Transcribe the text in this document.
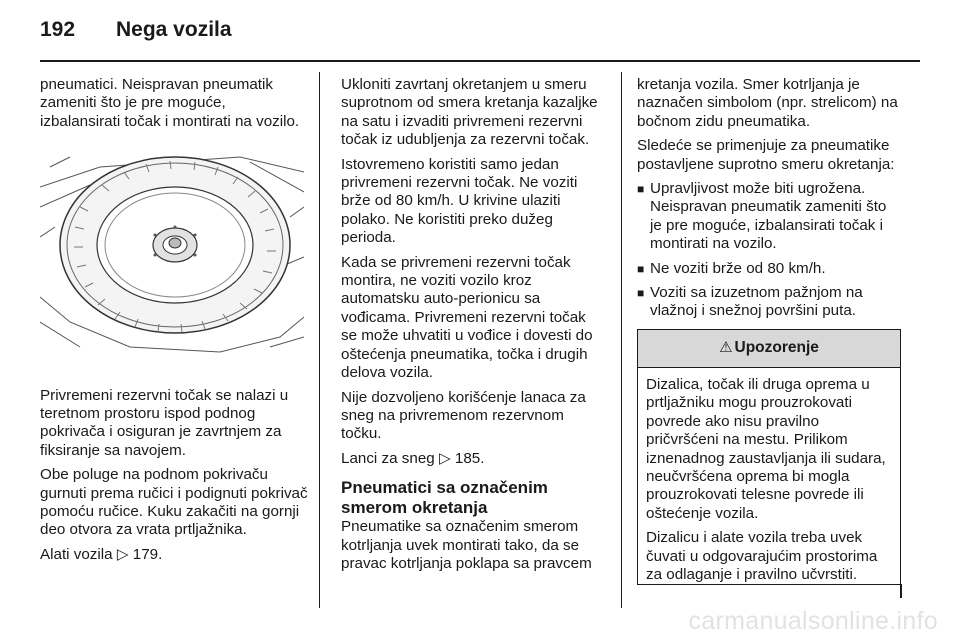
192	Nega vozila

pneumatici. Neispravan pneumatik zameniti što je pre moguće, izbalansirati točak i montirati na vozilo.

Privremeni rezervni točak se nalazi u teretnom prostoru ispod podnog pokrivača i osiguran je zavrtnjem za fiksiranje sa navojem.

Obe poluge na podnom pokrivaču gurnuti prema ručici i podignuti pokrivač pomoću ručice. Kuku zakačiti na gornji deo otvora za vrata prtljažnika.

Alati vozila ▷ 179.

Ukloniti zavrtanj okretanjem u smeru suprotnom od smera kretanja kazaljke na satu i izvaditi privremeni rezervni točak iz udubljenja za rezervni točak.

Istovremeno koristiti samo jedan privremeni rezervni točak. Ne voziti brže od 80 km/h. U krivine ulaziti polako. Ne koristiti preko dužeg perioda.

Kada se privremeni rezervni točak montira, ne voziti vozilo kroz automatsku auto-perionicu sa vođicama. Privremeni rezervni točak se može uhvatiti u vođice i dovesti do oštećenja pneumatika, točka i drugih delova vozila.

Nije dozvoljeno korišćenje lanaca za sneg na privremenom rezervnom točku.

Lanci za sneg ▷ 185.

Pneumatici sa označenim smerom okretanja

Pneumatike sa označenim smerom kotrljanja uvek montirati tako, da se pravac kotrljanja poklapa sa pravcem

kretanja vozila. Smer kotrljanja je naznačen simbolom (npr. strelicom) na bočnom zidu pneumatika.

Sledeće se primenjuje za pneumatike postavljene suprotno smeru okretanja:

■ Upravljivost može biti ugrožena. Neispravan pneumatik zameniti što je pre moguće, izbalansirati točak i montirati na vozilo.
■ Ne voziti brže od 80 km/h.
■ Voziti sa izuzetnom pažnjom na vlažnoj i snežnoj površini puta.
⚠ Upozorenje

Dizalica, točak ili druga oprema u prtljažniku mogu prouzrokovati povrede ako nisu pravilno pričvršćeni na mestu. Prilikom iznenadnog zaustavljanja ili sudara, neučvršćena oprema bi mogla prouzrokovati telesne povrede ili oštećenje vozila.

Dizalicu i alate vozila treba uvek čuvati u odgovarajućim prostorima za odlaganje i pravilno učvrstiti.

carmanualsonline.info
